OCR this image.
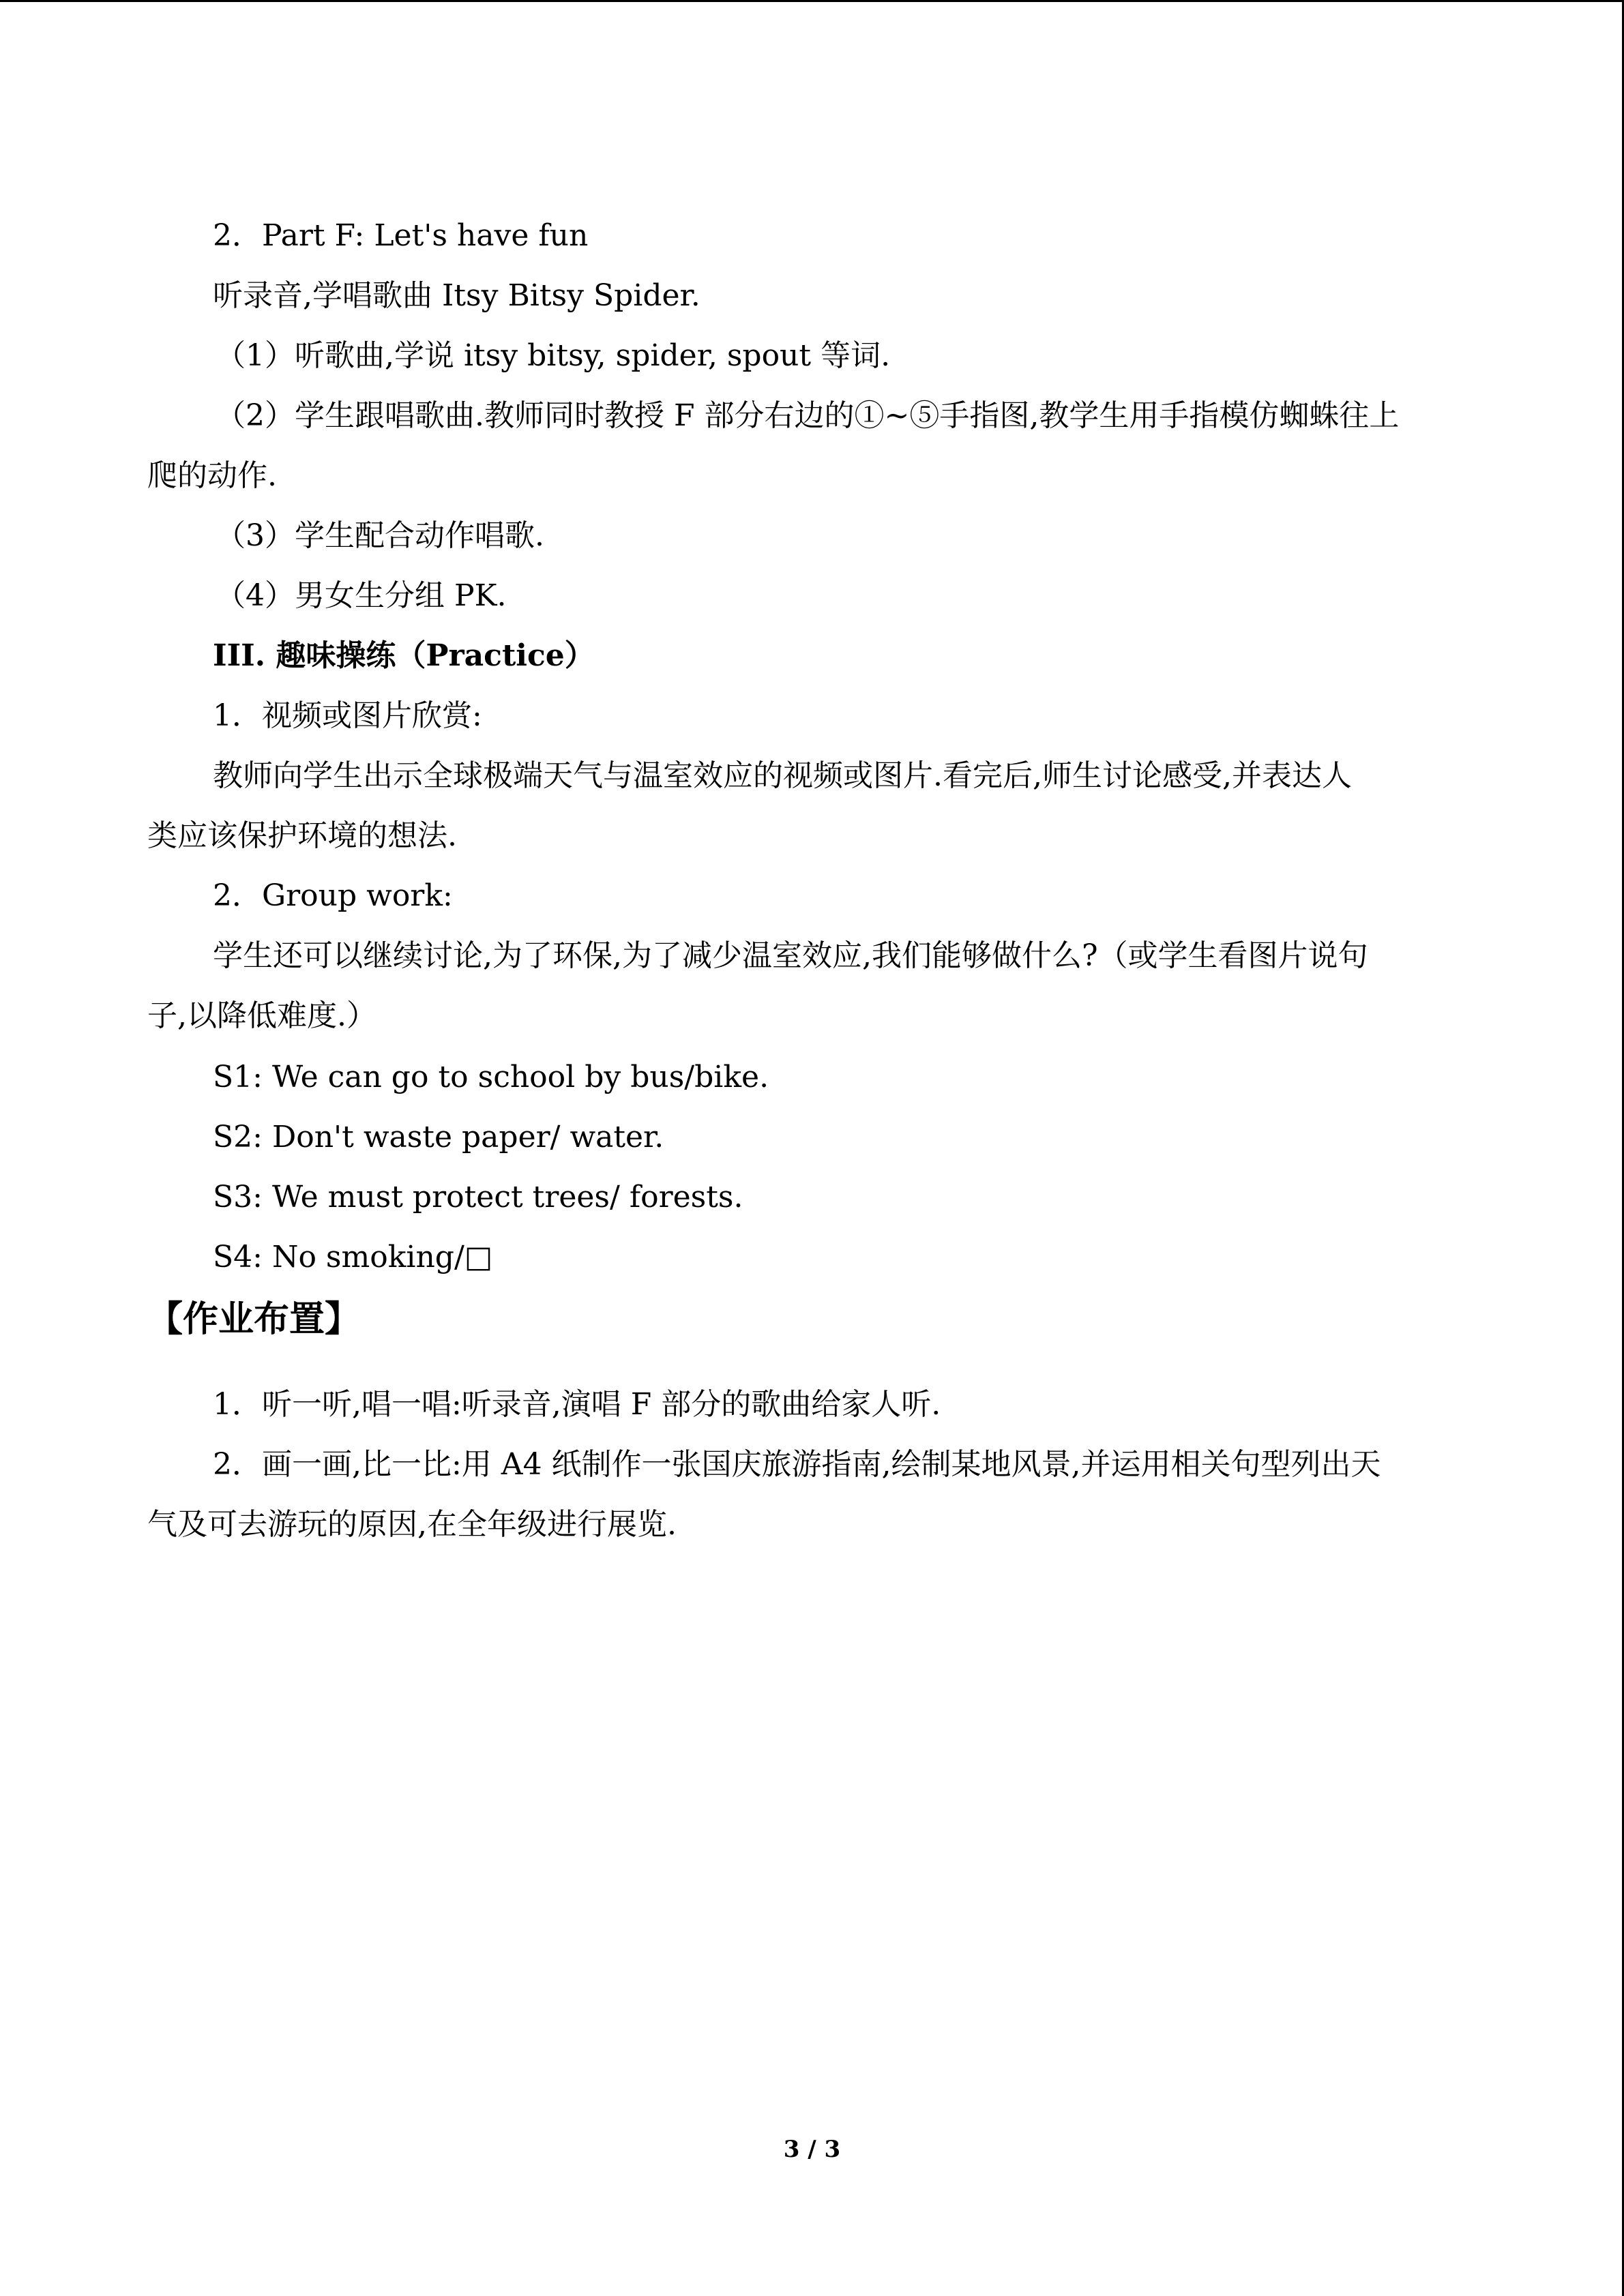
2．Part F: Let's have fun
听录音,学唱歌曲 Itsy Bitsy Spider.
（1）听歌曲,学说 itsy bitsy, spider, spout 等词.
（2）学生跟唱歌曲.教师同时教授 F 部分右边的①~⑤手指图,教学生用手指模仿蜘蛛往上
爬的动作.
（3）学生配合动作唱歌.
（4）男女生分组 PK.
III. 趣味操练（Practice）
1．视频或图片欣赏:
教师向学生出示全球极端天气与温室效应的视频或图片.看完后,师生讨论感受,并表达人
类应该保护环境的想法.
2．Group work:
学生还可以继续讨论,为了环保,为了减少温室效应,我们能够做什么?（或学生看图片说句
子,以降低难度.）
S1: We can go to school by bus/bike.
S2: Don't waste paper/ water.
S3: We must protect trees/ forests.
S4: No smoking/□
【作业布置】
1．听一听,唱一唱:听录音,演唱 F 部分的歌曲给家人听.
2．画一画,比一比:用 A4 纸制作一张国庆旅游指南,绘制某地风景,并运用相关句型列出天
气及可去游玩的原因,在全年级进行展览.
3 / 3
